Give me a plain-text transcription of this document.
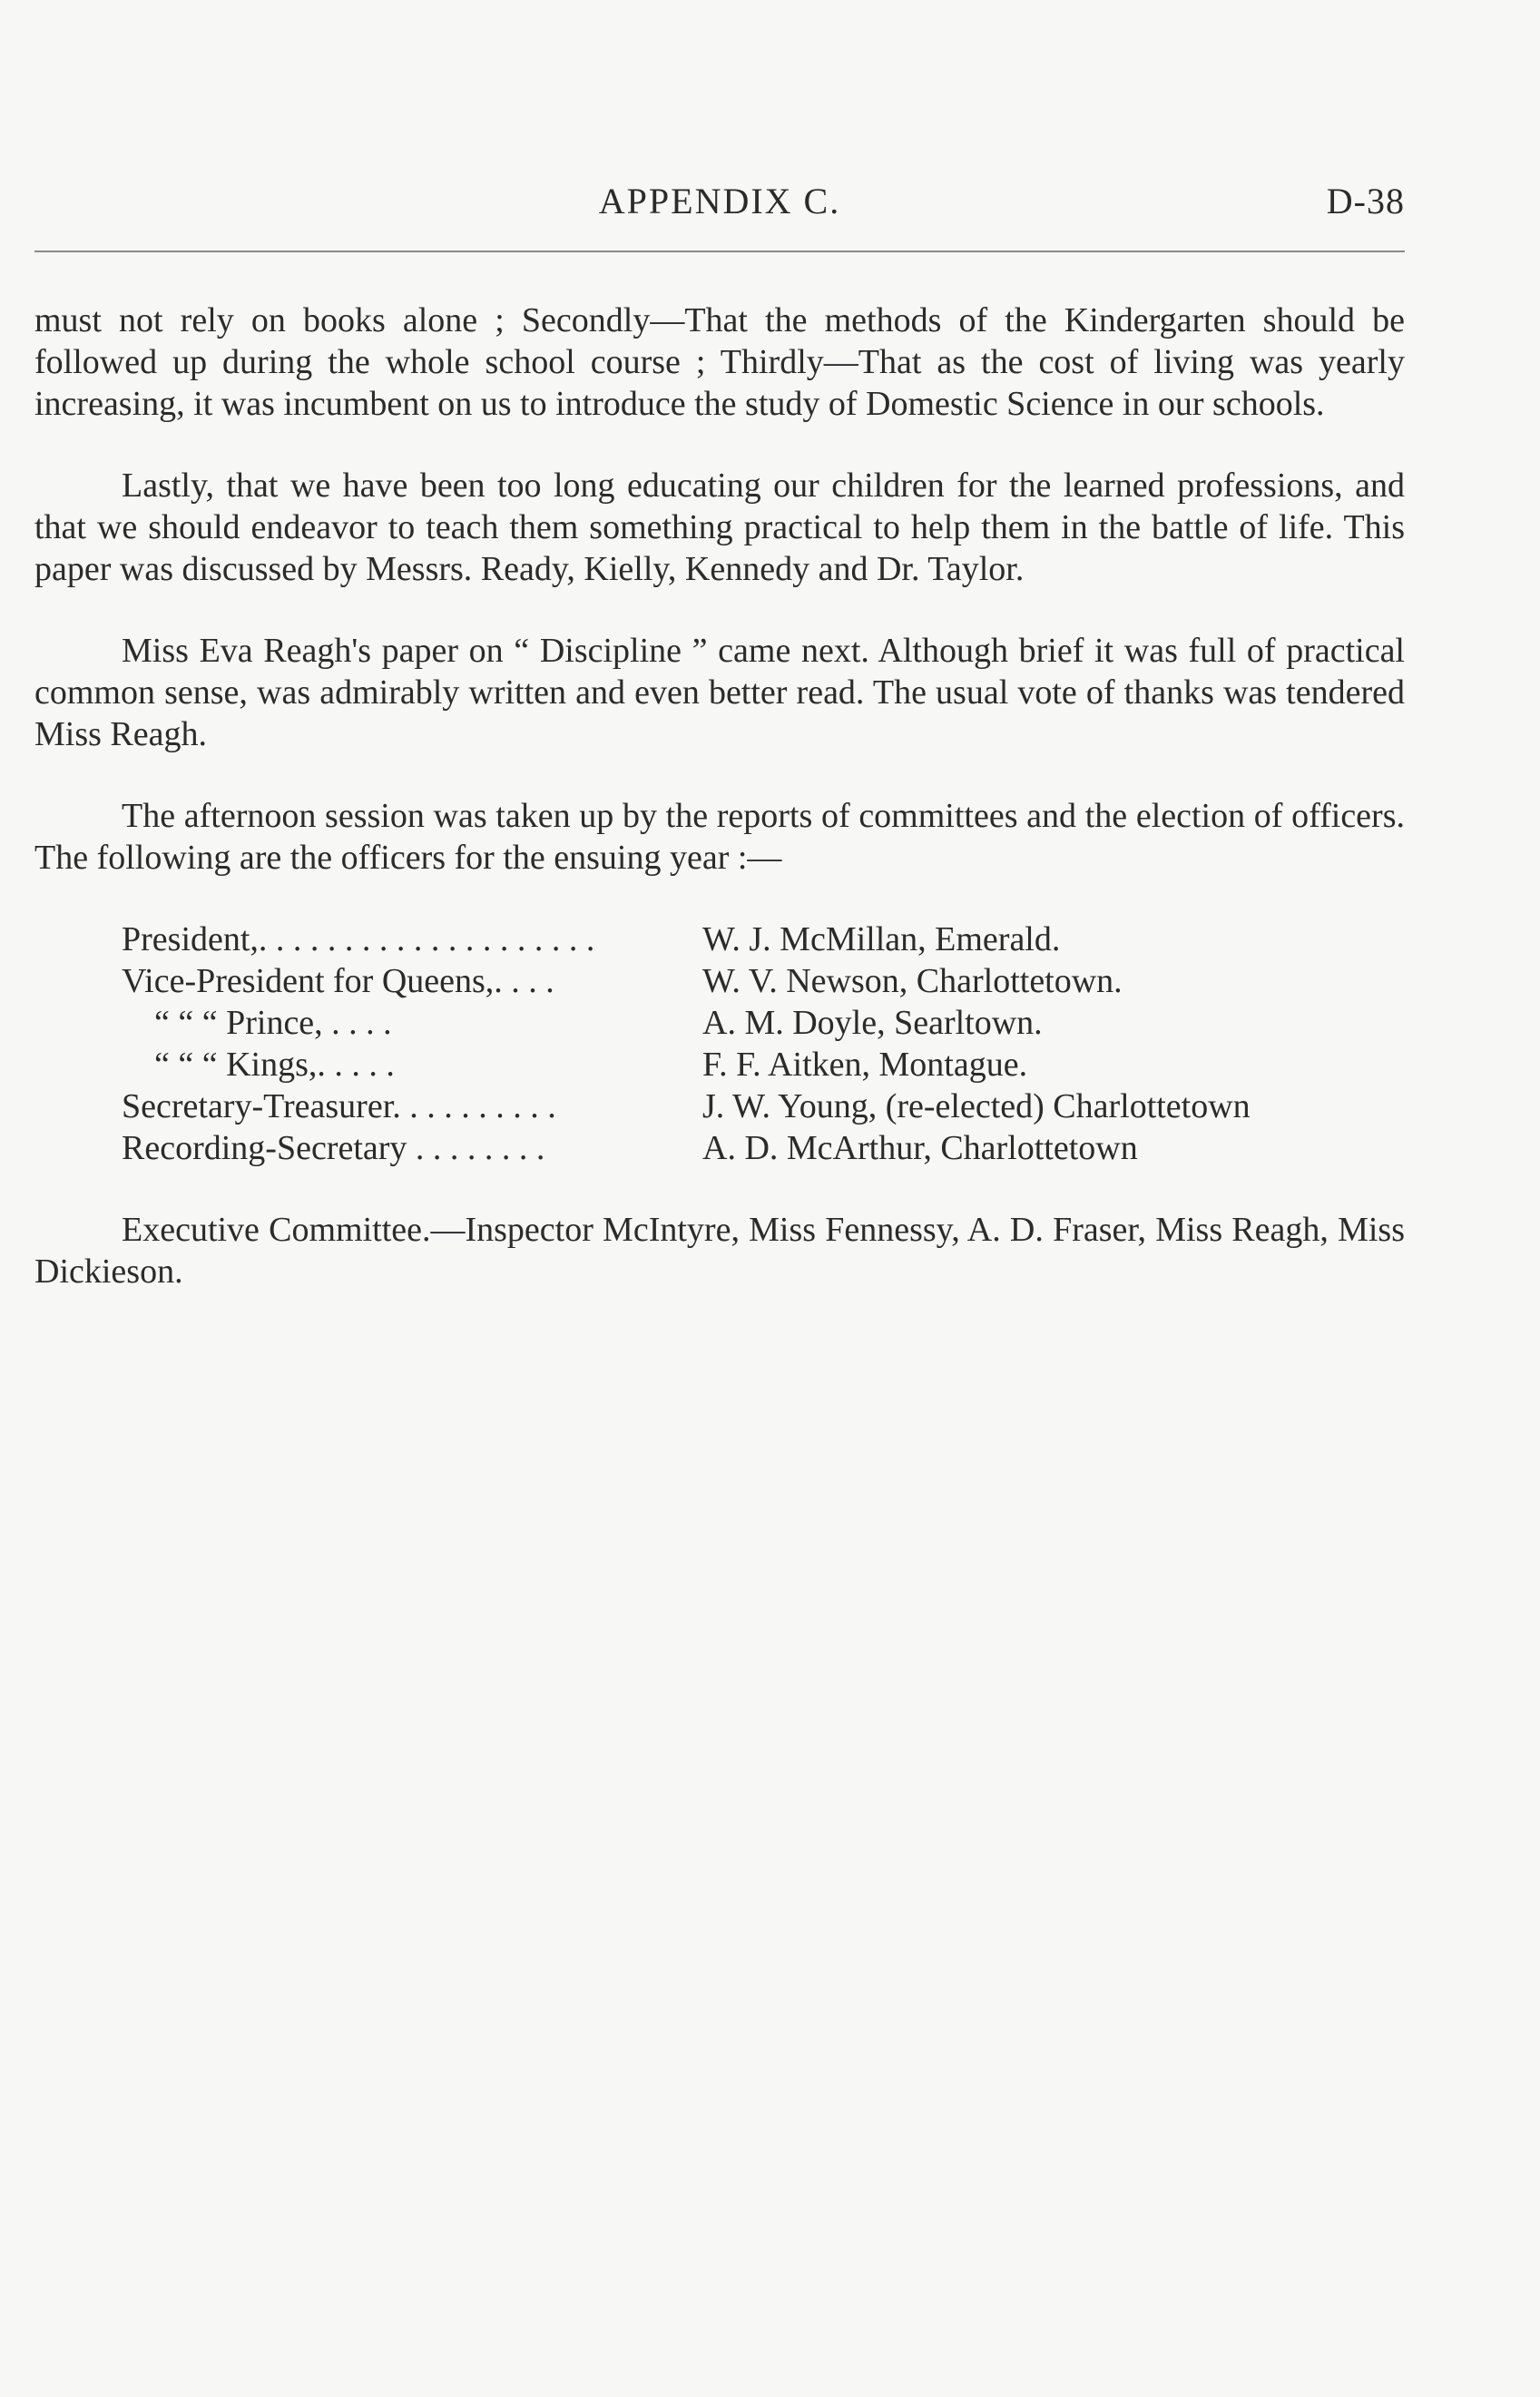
APPENDIX C.	D-38

must not rely on books alone ; Secondly—That the methods of the Kindergarten should be followed up during the whole school course ; Thirdly—That as the cost of living was yearly increasing, it was incumbent on us to introduce the study of Domestic Science in our schools.

Lastly, that we have been too long educating our children for the learned professions, and that we should endeavor to teach them something practical to help them in the battle of life. This paper was discussed by Messrs. Ready, Kielly, Kennedy and Dr. Taylor.

Miss Eva Reagh's paper on “ Discipline ” came next. Although brief it was full of practical common sense, was admirably written and even better read. The usual vote of thanks was tendered Miss Reagh.

The afternoon session was taken up by the reports of committees and the election of officers. The following are the officers for the ensuing year :—

President,. . . . . . . . . . . . . . . . . . . .	W. J. McMillan, Emerald.
Vice-President for Queens,. . . .	W. V. Newson, Charlottetown.
“ “ “ Prince, . . . .	A. M. Doyle, Searltown.
“ “ “ Kings,. . . . .	F. F. Aitken, Montague.
Secretary-Treasurer. . . . . . . . . .	J. W. Young, (re-elected) Charlottetown
Recording-Secretary . . . . . . . .	A. D. McArthur, Charlottetown

Executive Committee.—Inspector McIntyre, Miss Fennessy, A. D. Fraser, Miss Reagh, Miss Dickieson.
